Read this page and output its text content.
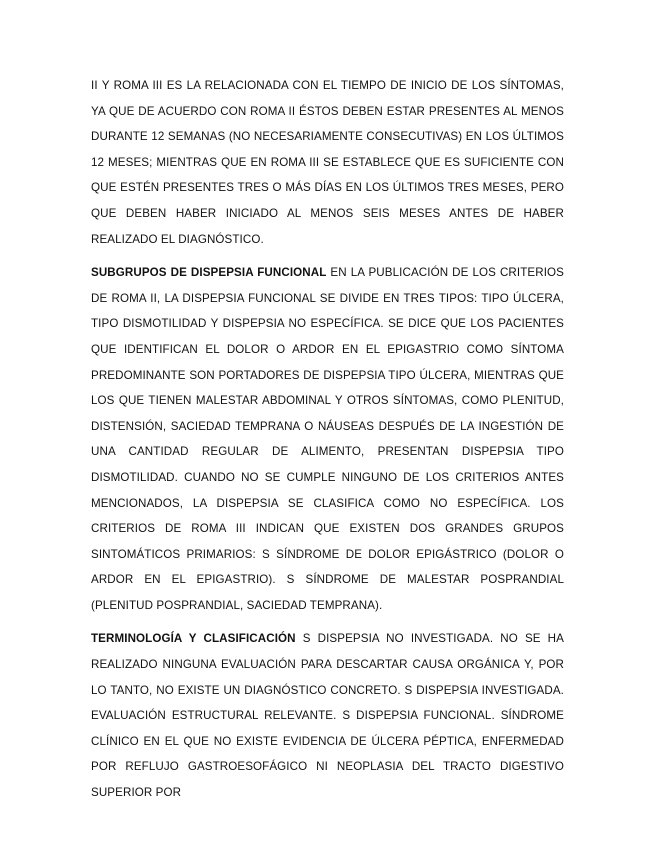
II Y ROMA III ES LA RELACIONADA CON EL TIEMPO DE INICIO DE LOS SÍNTOMAS, YA QUE DE ACUERDO CON ROMA II ÉSTOS DEBEN ESTAR PRESENTES AL MENOS DURANTE 12 SEMANAS (NO NECESARIAMENTE CONSECUTIVAS) EN LOS ÚLTIMOS 12 MESES; MIENTRAS QUE EN ROMA III SE ESTABLECE QUE ES SUFICIENTE CON QUE ESTÉN PRESENTES TRES O MÁS DÍAS EN LOS ÚLTIMOS TRES MESES, PERO QUE DEBEN HABER INICIADO AL MENOS SEIS MESES ANTES DE HABER REALIZADO EL DIAGNÓSTICO.

SUBGRUPOS DE DISPEPSIA FUNCIONAL EN LA PUBLICACIÓN DE LOS CRITERIOS DE ROMA II, LA DISPEPSIA FUNCIONAL SE DIVIDE EN TRES TIPOS: TIPO ÚLCERA, TIPO DISMOTILIDAD Y DISPEPSIA NO ESPECÍFICA. SE DICE QUE LOS PACIENTES QUE IDENTIFICAN EL DOLOR O ARDOR EN EL EPIGASTRIO COMO SÍNTOMA PREDOMINANTE SON PORTADORES DE DISPEPSIA TIPO ÚLCERA, MIENTRAS QUE LOS QUE TIENEN MALESTAR ABDOMINAL Y OTROS SÍNTOMAS, COMO PLENITUD, DISTENSIÓN, SACIEDAD TEMPRANA O NÁUSEAS DESPUÉS DE LA INGESTIÓN DE UNA CANTIDAD REGULAR DE ALIMENTO, PRESENTAN DISPEPSIA TIPO DISMOTILIDAD. CUANDO NO SE CUMPLE NINGUNO DE LOS CRITERIOS ANTES MENCIONADOS, LA DISPEPSIA SE CLASIFICA COMO NO ESPECÍFICA. LOS CRITERIOS DE ROMA III INDICAN QUE EXISTEN DOS GRANDES GRUPOS SINTOMÁTICOS PRIMARIOS: S SÍNDROME DE DOLOR EPIGÁSTRICO (DOLOR O ARDOR EN EL EPIGASTRIO). S SÍNDROME DE MALESTAR POSPRANDIAL (PLENITUD POSPRANDIAL, SACIEDAD TEMPRANA).

TERMINOLOGÍA Y CLASIFICACIÓN S DISPEPSIA NO INVESTIGADA. NO SE HA REALIZADO NINGUNA EVALUACIÓN PARA DESCARTAR CAUSA ORGÁNICA Y, POR LO TANTO, NO EXISTE UN DIAGNÓSTICO CONCRETO. S DISPEPSIA INVESTIGADA. EVALUACIÓN ESTRUCTURAL RELEVANTE. S DISPEPSIA FUNCIONAL. SÍNDROME CLÍNICO EN EL QUE NO EXISTE EVIDENCIA DE ÚLCERA PÉPTICA, ENFERMEDAD POR REFLUJO GASTROESOFÁGICO NI NEOPLASIA DEL TRACTO DIGESTIVO SUPERIOR POR
